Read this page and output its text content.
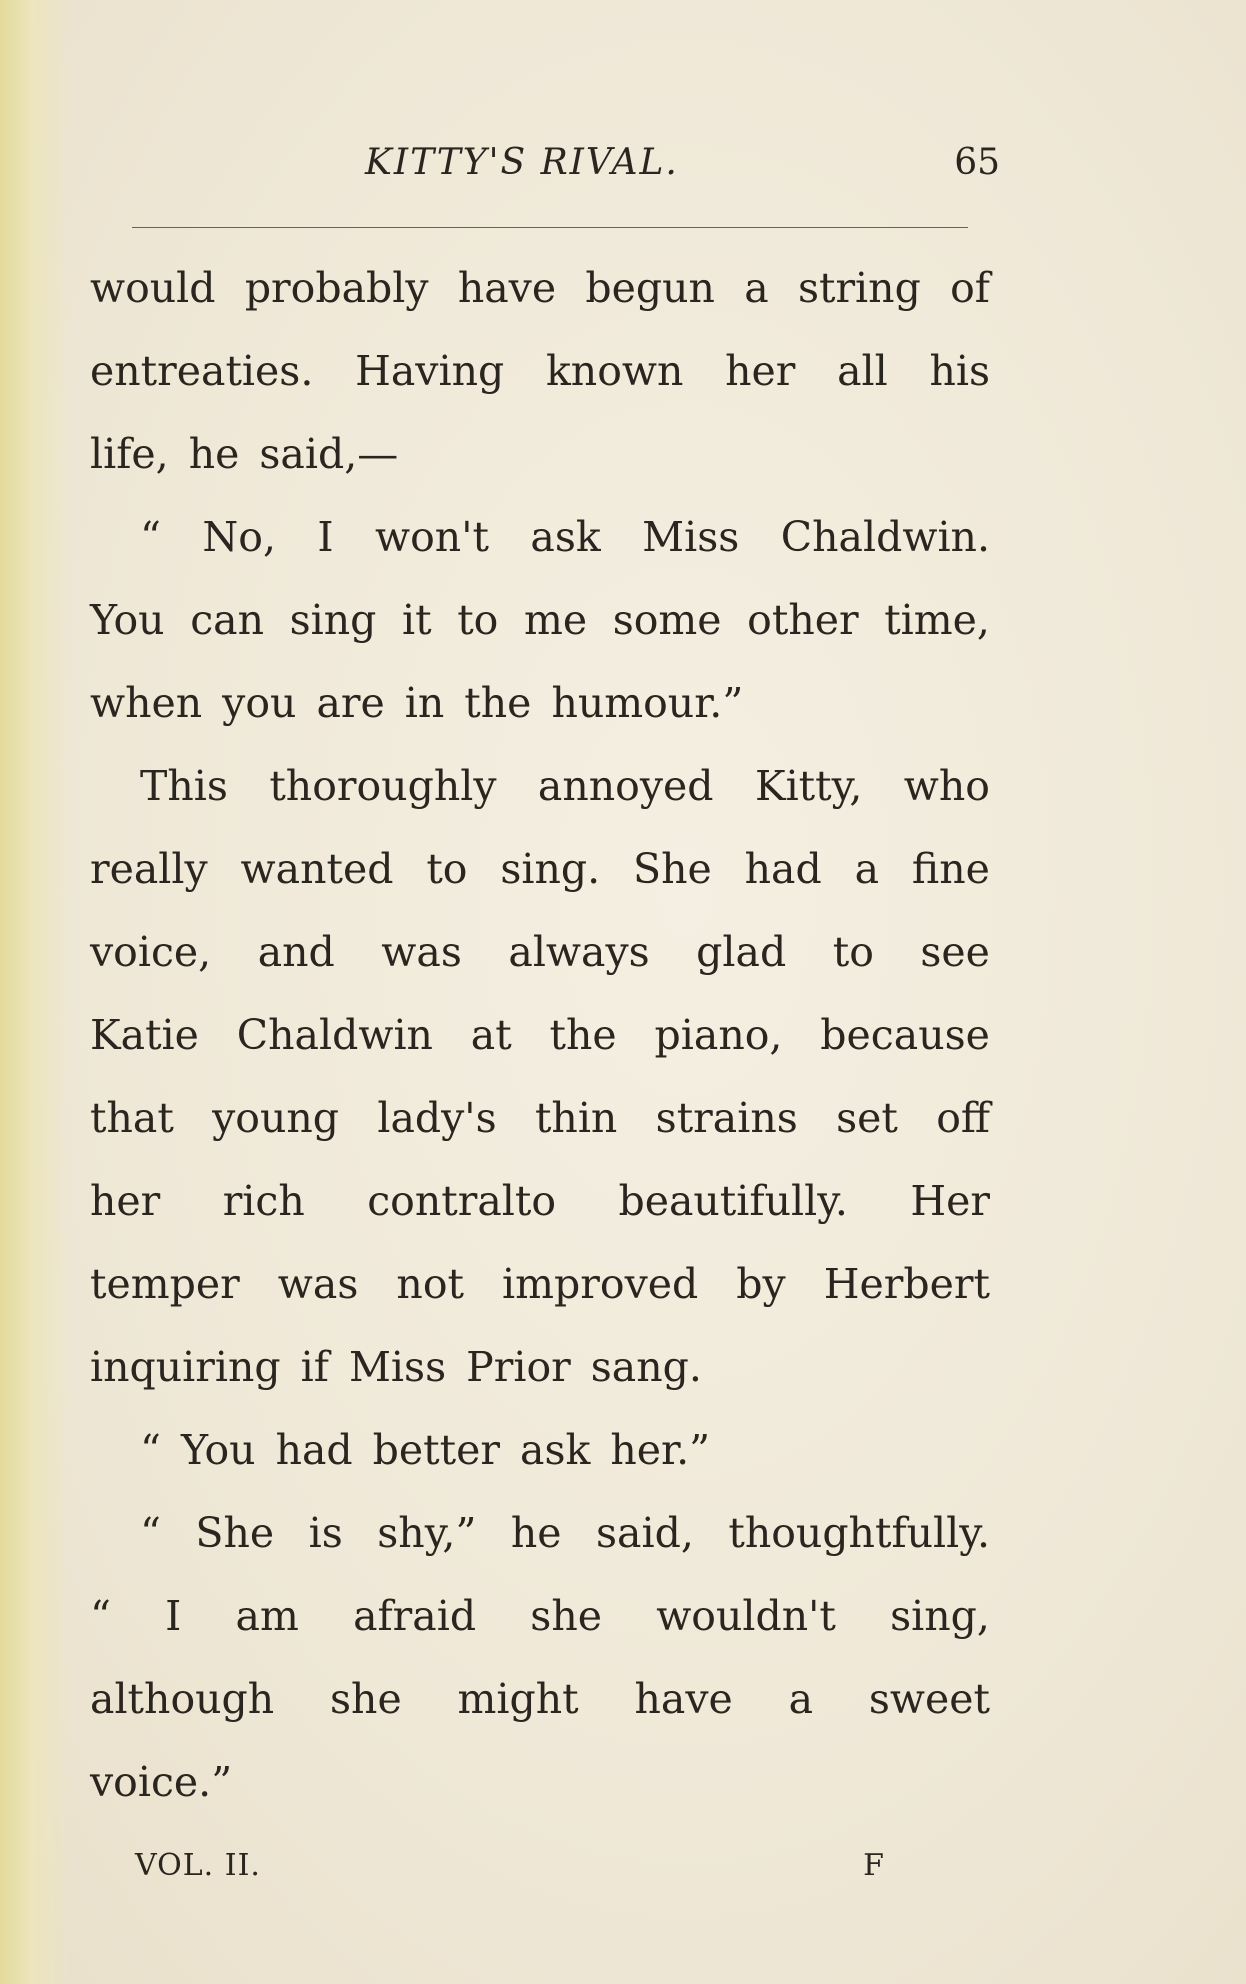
KITTY'S RIVAL.	65
would probably have begun a string of
entreaties. Having known her all his
life, he said,—
“ No, I won't ask Miss Chaldwin.
You can sing it to me some other time,
when you are in the humour.”
This thoroughly annoyed Kitty, who
really wanted to sing. She had a fine
voice, and was always glad to see
Katie Chaldwin at the piano, because
that young lady's thin strains set off
her rich contralto beautifully. Her
temper was not improved by Herbert
inquiring if Miss Prior sang.
“ You had better ask her.”
“ She is shy,” he said, thoughtfully.
“ I am afraid she wouldn't sing,
although she might have a sweet
voice.”
VOL. II.	F
